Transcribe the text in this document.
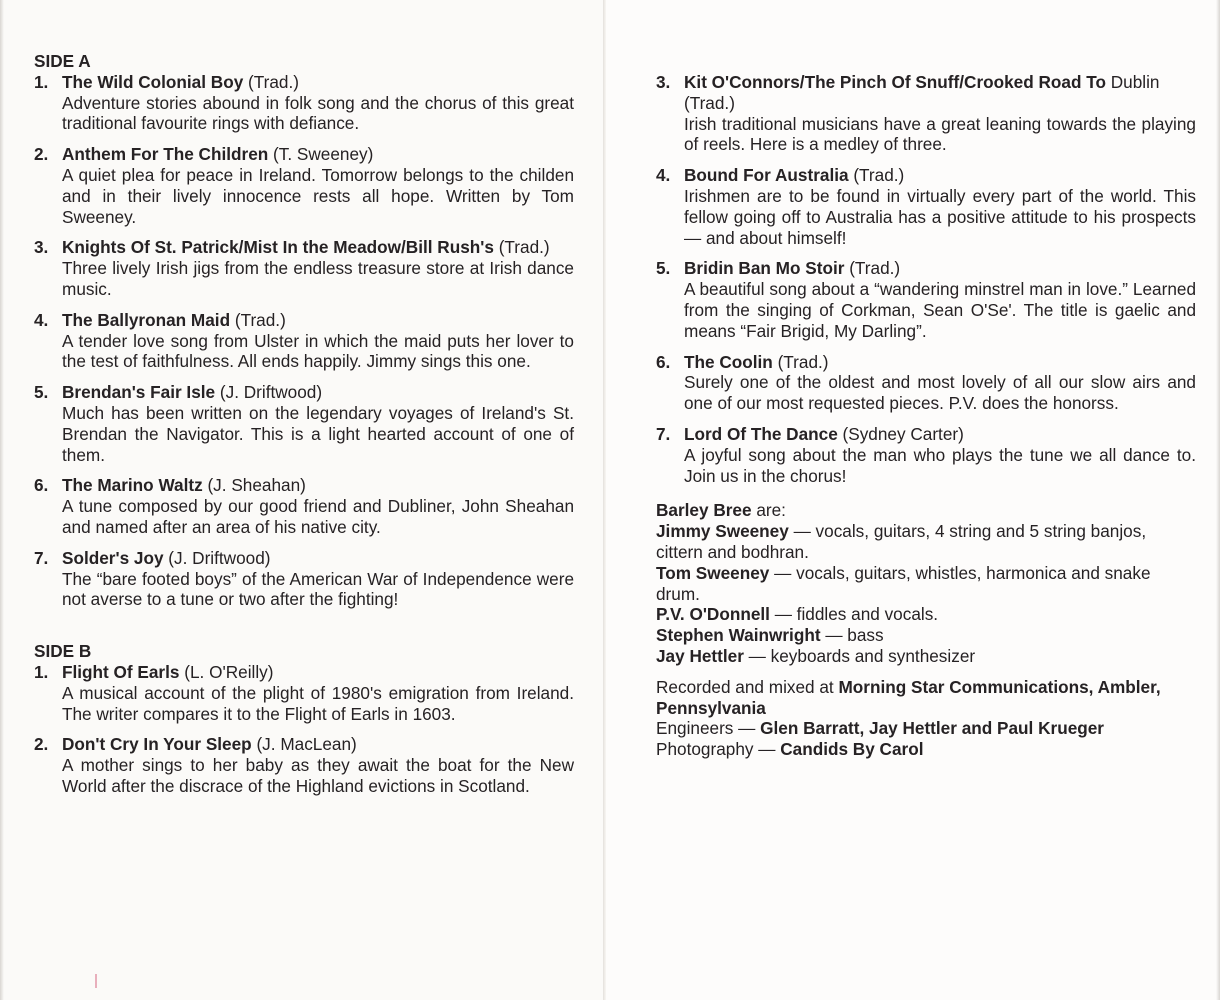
SIDE A
1. The Wild Colonial Boy (Trad.)
Adventure stories abound in folk song and the chorus of this great traditional favourite rings with defiance.
2. Anthem For The Children (T. Sweeney)
A quiet plea for peace in Ireland. Tomorrow belongs to the childen and in their lively innocence rests all hope. Written by Tom Sweeney.
3. Knights Of St. Patrick/Mist In the Meadow/Bill Rush's (Trad.)
Three lively Irish jigs from the endless treasure store at Irish dance music.
4. The Ballyronan Maid (Trad.)
A tender love song from Ulster in which the maid puts her lover to the test of faithfulness. All ends happily. Jimmy sings this one.
5. Brendan's Fair Isle (J. Driftwood)
Much has been written on the legendary voyages of Ireland's St. Brendan the Navigator. This is a light hearted account of one of them.
6. The Marino Waltz (J. Sheahan)
A tune composed by our good friend and Dubliner, John Sheahan and named after an area of his native city.
7. Solder's Joy (J. Driftwood)
The “bare footed boys” of the American War of Independence were not averse to a tune or two after the fighting!
SIDE B
1. Flight Of Earls (L. O'Reilly)
A musical account of the plight of 1980's emigration from Ireland. The writer compares it to the Flight of Earls in 1603.
2. Don't Cry In Your Sleep (J. MacLean)
A mother sings to her baby as they await the boat for the New World after the discrace of the Highland evictions in Scotland.
3. Kit O'Connors/The Pinch Of Snuff/Crooked Road To Dublin (Trad.)
Irish traditional musicians have a great leaning towards the playing of reels. Here is a medley of three.
4. Bound For Australia (Trad.)
Irishmen are to be found in virtually every part of the world. This fellow going off to Australia has a positive attitude to his prospects — and about himself!
5. Bridin Ban Mo Stoir (Trad.)
A beautiful song about a “wandering minstrel man in love.” Learned from the singing of Corkman, Sean O'Se'. The title is gaelic and means “Fair Brigid, My Darling”.
6. The Coolin (Trad.)
Surely one of the oldest and most lovely of all our slow airs and one of our most requested pieces. P.V. does the honorss.
7. Lord Of The Dance (Sydney Carter)
A joyful song about the man who plays the tune we all dance to. Join us in the chorus!
Barley Bree are:
Jimmy Sweeney — vocals, guitars, 4 string and 5 string banjos, cittern and bodhran.
Tom Sweeney — vocals, guitars, whistles, harmonica and snake drum.
P.V. O'Donnell — fiddles and vocals.
Stephen Wainwright — bass
Jay Hettler — keyboards and synthesizer
Recorded and mixed at Morning Star Communications, Ambler, Pennsylvania
Engineers — Glen Barratt, Jay Hettler and Paul Krueger
Photography — Candids By Carol
